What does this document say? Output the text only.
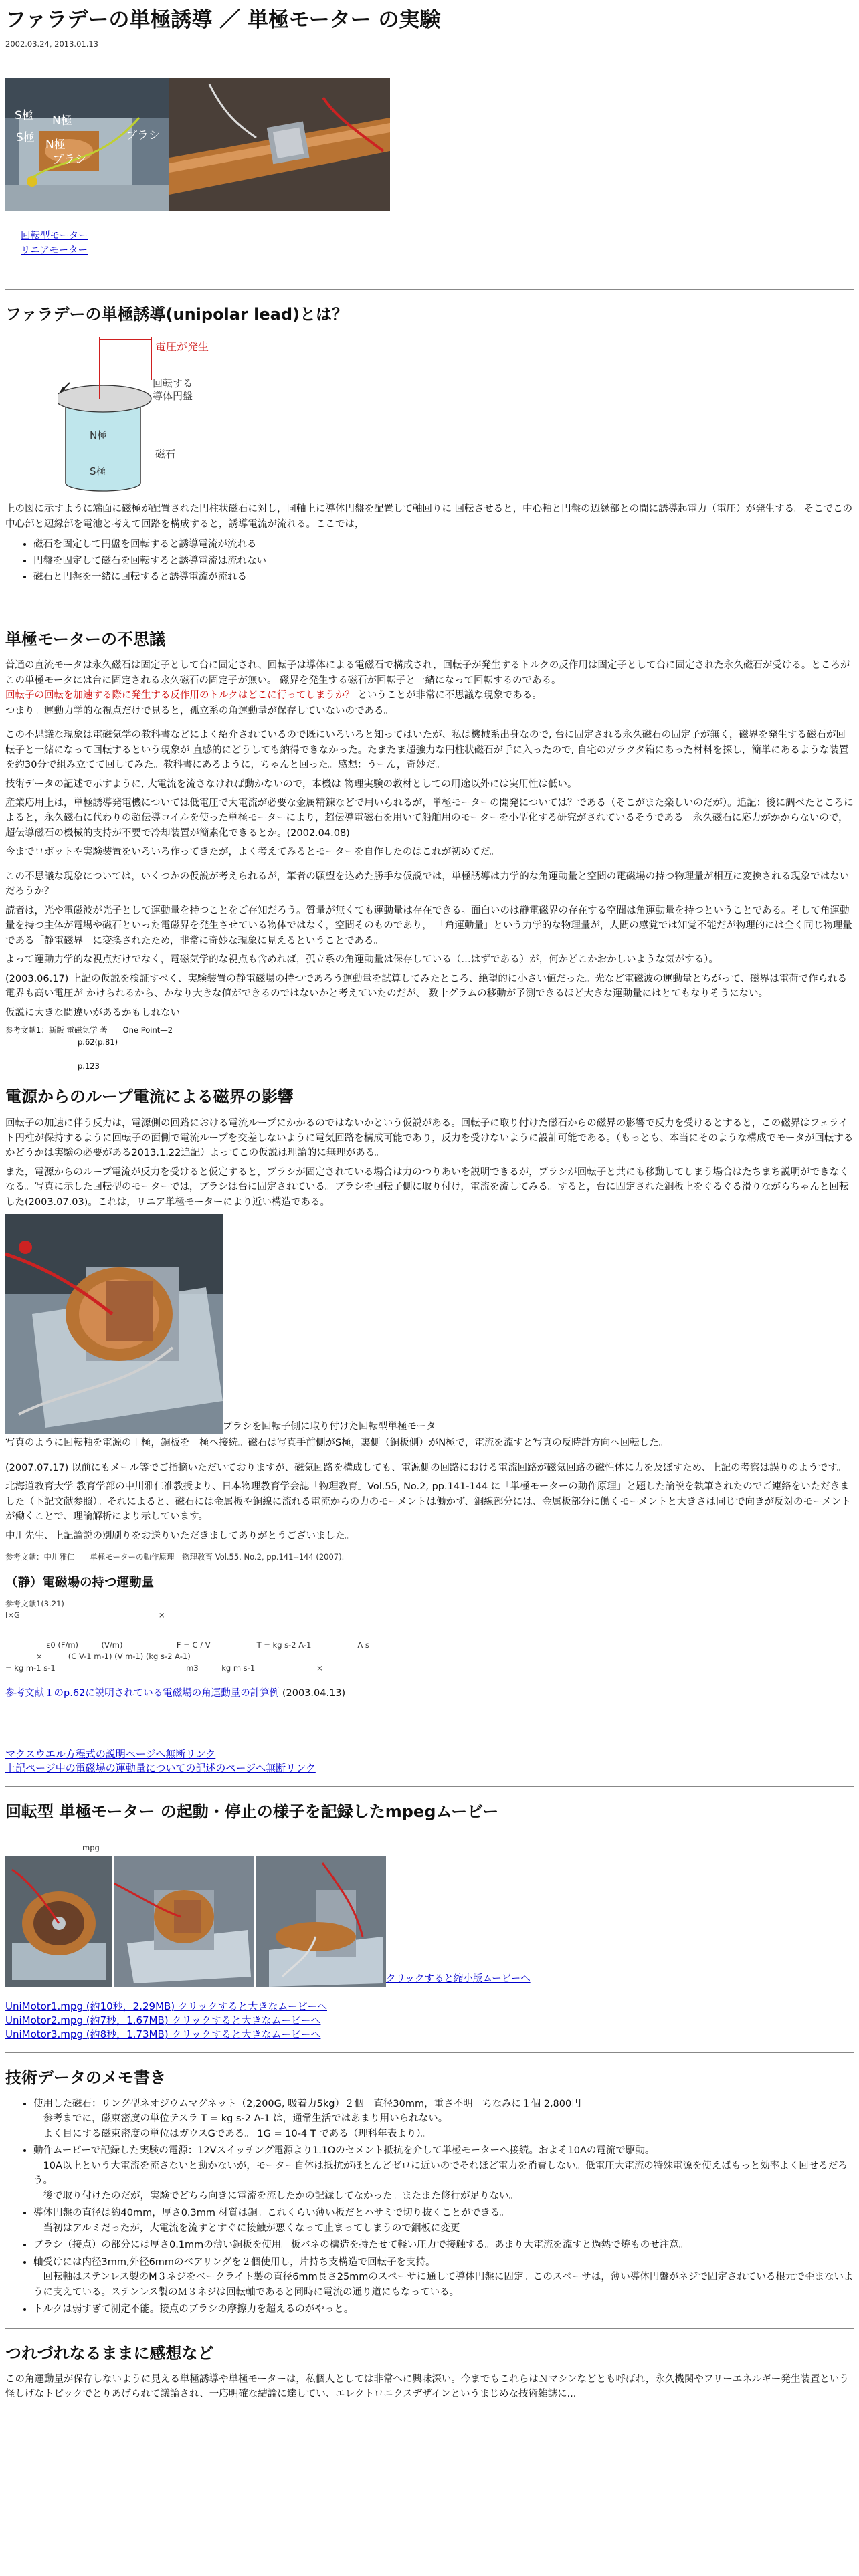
ファラデーの単極誘導 ／ 単極モーター の実験

2002.03.24, 2013.01.13

S極 N極
S極
N極
ブラシ
ブラシ

　　回転型モーター　　　　　　　　　　　　　　　　　　　　　　　　　　　　　　

　　リニアモーター　　　　　　　　　　　　　　　　　　　　　　　　　　　　　　　　　　　　

ファラデーの単極誘導(unipolar lead)とは？
電圧が発生
N極
S極
回転する 導体円盤
磁石

上の図に示すように端面に磁極が配置された円柱状磁石に対し，同軸上に導体円盤を配置して軸回りに 回転させると，中心軸と円盤の辺縁部との間に誘導起電力（電圧）が発生する。そこでこの中心部と辺縁部を電池と考えて回路を構成すると，誘導電流が流れる。ここでは，

• 磁石を固定して円盤を回転すると誘導電流が流れる
• 円盤を固定して磁石を回転すると誘導電流は流れない
• 磁石と円盤を一緒に回転すると誘導電流が流れる

単極モーターの不思議

普通の直流モータは永久磁石は固定子として台に固定され、回転子は導体による電磁石で構成され，回転子が発生するトルクの反作用は固定子として台に固定された永久磁石が受ける。ところが この単極モータには台に固定される永久磁石の固定子が無い。 磁界を発生する磁石が回転子と一緒になって回転するのである。
回転子の回転を加速する際に発生する反作用のトルクはどこに行ってしまうか？ ということが非常に不思議な現象である。
つまり。運動力学的な視点だけで見ると，孤立系の角運動量が保存していないのである。

この不思議な現象は電磁気学の教科書などによく紹介されているので既にいろいろと知ってはいたが、私は機械系出身なので, 台に固定される永久磁石の固定子が無く，磁界を発生する磁石が回転子と一緒になって回転するという現象が 直感的にどうしても納得できなかった。たまたま超強力な円柱状磁石が手に入ったので, 自宅のガラクタ箱にあった材料を探し，簡単にあるような装置を約30分で組み立てて回してみた。教科書にあるように，ちゃんと回った。感想：うーん，奇妙だ。

技術データの記述で示すように, 大電流を流さなければ動かないので，本機は 物理実験の教材としての用途以外には実用性は低い。

産業応用上は，単極誘導発電機については低電圧で大電流が必要な金属精錬などで用いられるが，単極モーターの開発については？である（そこがまた楽しいのだが）。追記：後に調べたところによると，永久磁石に代わりの超伝導コイルを使った単極モーターにより，超伝導電磁石を用いて船舶用のモーターを小型化する研究がされているそうである。永久磁石に応力がかからないので，超伝導磁石の機械的支持が不要で冷却装置が簡素化できるとか。(2002.04.08)

今までロボットや実験装置をいろいろ作ってきたが，よく考えてみるとモーターを自作したのはこれが初めてだ。

この不思議な現象については，いくつかの仮説が考えられるが，筆者の願望を込めた勝手な仮説では，単極誘導は力学的な角運動量と空間の電磁場の持つ物理量が相互に変換される現象ではないだろうか？

読者は，光や電磁波が光子として運動量を持つことをご存知だろう。質量が無くても運動量は存在できる。面白いのは静電磁界の存在する空間は角運動量を持つということである。そして角運動量を持つ主体が電場や磁石といった電磁界を発生させている物体ではなく，空間そのものであり， 「角運動量」という力学的な物理量が，人間の感覚では知覚不能だが物理的には全く同じ物理量である「静電磁界」に変換されたため，非常に奇妙な現象に見えるということである。

よって運動力学的な視点だけでなく，電磁気学的な視点も含めれば，孤立系の角運動量は保存している（…はずである）が，何かどこかおかしいような気がする）。

(2003.06.17) 上記の仮説を検証すべく、実験装置の静電磁場の持つであろう運動量を試算してみたところ、絶望的に小さい値だった。光など電磁波の運動量とちがって、磁界は電荷で作られる電界も高い電圧が かけられるから、かなり大きな値ができるのではないかと考えていたのだが、 数十グラムの移動が予測できるほど大きな運動量にはとてもなりそうにない。

仮説に大きな間違いがあるかもしれない

参考文献1：新版 電磁気学 著　　One Point—2　　　　　　
p.62(p.81)　　　　　　　　　　　　　　　　

p.123　　　　　　　　　　　　　　　　　　　　
電源からのループ電流による磁界の影響

回転子の加速に伴う反力は，電源側の回路における電流ループにかかるのではないかという仮説がある。回転子に取り付けた磁石からの磁界の影響で反力を受けるとすると，この磁界はフェライト円柱が保持するように回転子の面側で電流ループを交差しないように電気回路を構成可能であり，反力を受けないように設計可能である。（もっとも、本当にそのような構成でモータが回転するかどうかは実験の必要がある2013.1.22追記）よってこの仮説は理論的に無理がある。

また，電源からのループ電流が反力を受けると仮定すると，ブラシが固定されている場合は力のつりあいを説明できるが，ブラシが回転子と共にも移動してしまう場合はたちまち説明ができなくなる。写真に示した回転型のモーターでは，ブラシは台に固定されている。ブラシを回転子側に取り付け，電流を流してみる。すると，台に固定された銅板上をぐるぐる滑りながらちゃんと回転した(2003.07.03)。これは，リニア単極モーターにより近い構造である。

ブラシを回転子側に取り付けた回転型単極モータ

写真のように回転軸を電源の＋極，銅板を－極へ接続。磁石は写真手前側がS極，裏側（銅板側）がN極で，電流を流すと写真の反時計方向へ回転した。

(2007.07.17) 以前にもメール等でご指摘いただいておりますが、磁気回路を構成しても、電源側の回路における電流回路が磁気回路の磁性体に力を及ぼすため、上記の考察は誤りのようです。

北海道教育大学 教育学部の中川雅仁准教授より、日本物理教育学会誌「物理教育」Vol.55, No.2, pp.141-144 に「単極モーターの動作原理」と題した論説を執筆されたのでご連絡をいただきました（下記文献参照）。それによると、磁石には金属板や銅線に流れる電流からの力のモーメントは働かず、銅線部分には、金属板部分に働くモーメントと大きさは同じで向きが反対のモーメントが働くことで、理論解析により示しています。

中川先生、上記論説の別刷りをお送りいただきましてありがとうございました。

参考文献：中川雅仁　　単極モーターの動作原理　物理教育 Vol.55, No.2, pp.141--144 (2007).

（静）電磁場の持つ運動量

参考文献1(3.21)　　　　　　　　　　　　　　　　　　　　　　　　　　　　

I×G　　　　　　　　　　　　　　　　　　×

　　　　　 ε0 (F/m)　　　(V/m)　　　　　　　F = C / V　　　　　　T = kg s-2 A-1　　　　　　A s

　　　　×　　　 (C V-1 m-1) (V m-1) (kg s-2 A-1)

= kg m-1 s-1　　　　　　　　　　　　　　　　　m3　　　kg m s-1　　　　　　　　×　　　　　

参考文献１のp.62に説明されている電磁場の角運動量の計算例 (2003.04.13)

マクスウエル方程式の説明ページへ無断リンク
上記ページ中の電磁場の運動量についての記述のページへ無断リンク
回転型 単極モーター の起動・停止の様子を記録したmpegムービー

　　　　　　　　　　mpg　　　　　　　　　　　　　

クリックすると縮小版ムービーへ
UniMotor1.mpg (約10秒，2.29MB) クリックすると大きなムービーへ
UniMotor2.mpg (約7秒，1.67MB) クリックすると大きなムービーへ
UniMotor3.mpg (約8秒，1.73MB) クリックすると大きなムービーへ
技術データのメモ書き
• 使用した磁石：リング型ネオジウムマグネット（2,200G, 吸着力5kg）２個　直径30mm，重さ不明　ちなみに１個 2,800円
　参考までに，磁束密度の単位テスラ T = kg s-2 A-1 は，通常生活ではあまり用いられない。
　よく目にする磁束密度の単位はガウスGである。 1G = 10-4 T である（理科年表より）。
• 動作ムービーで記録した実験の電源：12Vスイッチング電源より1.1Ωのセメント抵抗を介して単極モーターへ接続。およそ10Aの電流で駆動。
　10A以上という大電流を流さないと動かないが，モーター自体は抵抗がほとんどゼロに近いのでそれほど電力を消費しない。低電圧大電流の特殊電源を使えばもっと効率よく回せるだろう。
　後で取り付けたのだが，実験でどちら向きに電流を流したかの記録してなかった。またまた修行が足りない。
• 導体円盤の直径は約40mm，厚さ0.3mm 材質は銅。これくらい薄い板だとハサミで切り抜くことができる。
　当初はアルミだったが，大電流を流すとすぐに接触が悪くなって止まってしまうので銅板に変更
• ブラシ（接点）の部分には厚さ0.1mmの薄い銅板を使用。板バネの構造を持たせて軽い圧力で接触する。あまり大電流を流すと過熱で焼ものせ注意。
• 軸受けには内径3mm,外径6mmのベアリングを２個使用し，片持ち支構造で回転子を支持。
　回転軸はステンレス製のM３ネジをベークライト製の直径6mm長さ25mmのスペーサに通して導体円盤に固定。このスペーサは，薄い導体円盤がネジで固定されている根元で歪まないように支えている。ステンレス製のＭ３ネジは回転軸であると同時に電流の通り道にもなっている。
• トルクは弱すぎて測定不能。接点のブラシの摩擦力を超えるのがやっと。
つれづれなるままに感想など

この角運動量が保存しないように見える単極誘導や単極モーターは，私個人としては非常へに興味深い。今までもこれらはＮマシンなどとも呼ばれ，永久機関やフリーエネルギー発生装置という怪しげなトピックでとりあげられて議論され、一応明確な結論に達してい、エレクトロニクスデザインというまじめな技術雑誌に...
